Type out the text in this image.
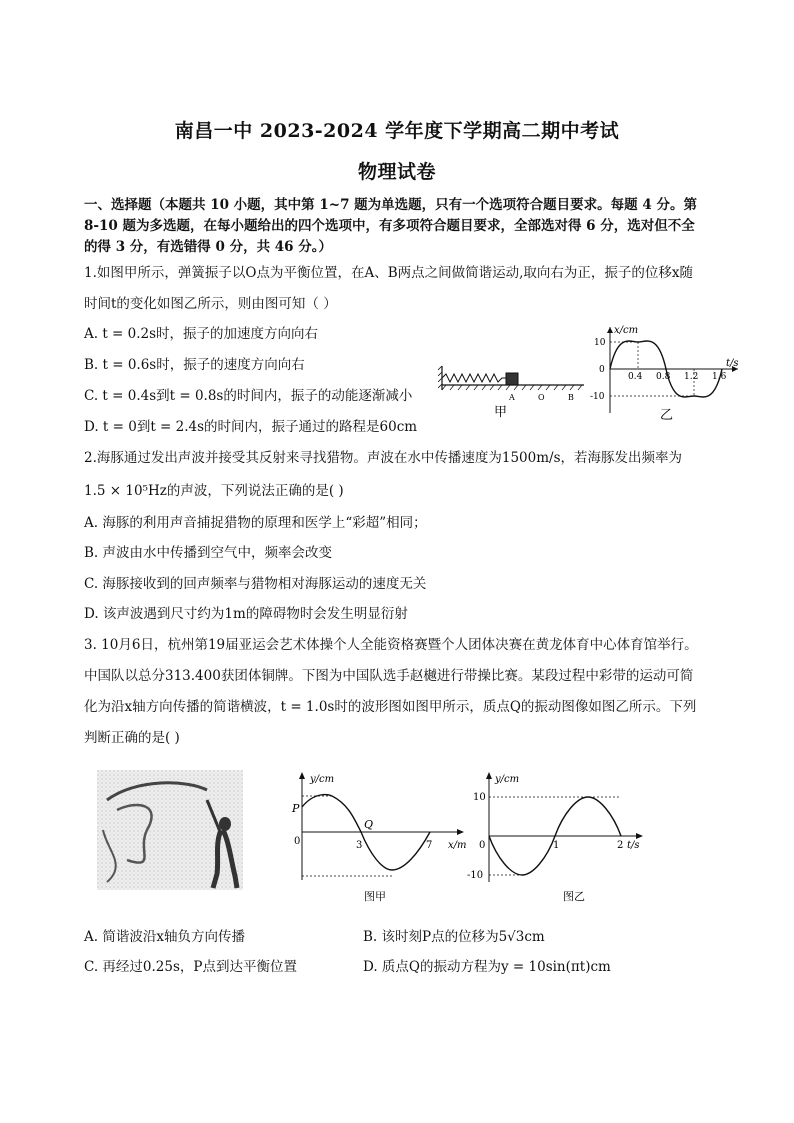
南昌一中 2023-2024 学年度下学期高二期中考试
物理试卷
一、选择题（本题共 10 小题，其中第 1~7 题为单选题，只有一个选项符合题目要求。每题 4 分。第
8-10 题为多选题，在每小题给出的四个选项中，有多项符合题目要求，全部选对得 6 分，选对但不全
的得 3 分，有选错得 0 分，共 46 分。）
1.如图甲所示，弹簧振子以O点为平衡位置，在A、B两点之间做简谐运动,取向右为正，振子的位移x随
时间t的变化如图乙所示，则由图可知（ ）
A. t = 0.2s时，振子的加速度方向向右
B. t = 0.6s时，振子的速度方向向右
C. t = 0.4s到t = 0.8s的时间内，振子的动能逐渐减小
D. t = 0到t = 2.4s的时间内，振子通过的路程是60cm
A	O	B
甲
x/cm
t/s
10
0
-10
0.4 0.8 1.2 1.6
乙
2.海豚通过发出声波并接受其反射来寻找猎物。声波在水中传播速度为1500m/s，若海豚发出频率为
1.5 × 10⁵Hz的声波，下列说法正确的是( )
A. 海豚的利用声音捕捉猎物的原理和医学上“彩超”相同；
B. 声波由水中传播到空气中，频率会改变
C. 海豚接收到的回声频率与猎物相对海豚运动的速度无关
D. 该声波遇到尺寸约为1m的障碍物时会发生明显衍射
3. 10月6日，杭州第19届亚运会艺术体操个人全能资格赛暨个人团体决赛在黄龙体育中心体育馆举行。
中国队以总分313.400获团体铜牌。下图为中国队选手赵樾进行带操比赛。某段过程中彩带的运动可简
化为沿x轴方向传播的简谐横波，t = 1.0s时的波形图如图甲所示，质点Q的振动图像如图乙所示。下列
判断正确的是( )
y/cm
x/m
P
Q
0	3	7
图甲
y/cm
t/s
10
-10
0	1	2
图乙
A. 简谐波沿x轴负方向传播	B. 该时刻P点的位移为5√3cm
C. 再经过0.25s，P点到达平衡位置	D. 质点Q的振动方程为y = 10sin(πt)cm
